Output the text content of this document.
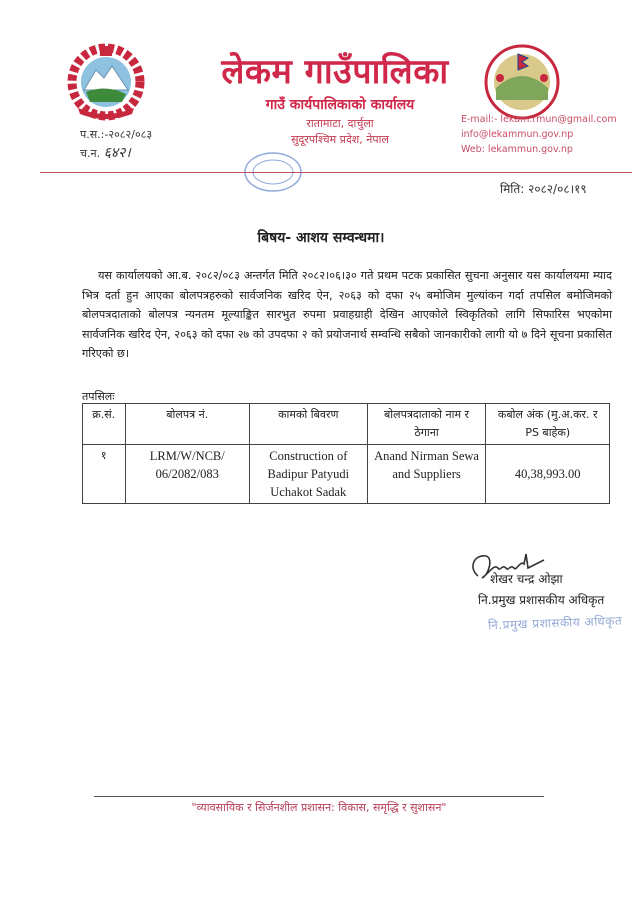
लेकम गाउँपालिका
गाउँ कार्यपालिकाको कार्यालय
रातामाटा, दार्चुला
सुदूरपश्चिम प्रदेश, नेपाल
E-mail:- lekam.rmun@gmail.com
info@lekammun.gov.np
Web: lekammun.gov.np
प.स.:-२०८२/०८३
च.न. ६४२।
मिति: २०८२/०८।१९
बिषय- आशय सम्वन्धमा।
यस कार्यालयको आ.ब. २०८२/०८३ अन्तर्गत मिति २०८२।०६।३० गते प्रथम पटक प्रकासित सुचना अनुसार यस कार्यालयमा म्याद भित्र दर्ता हुन आएका बोलपत्रहरुको सार्वजनिक खरिद ऐन, २०६३ को दफा २५ बमोजिम मुल्यांकन गर्दा तपसिल बमोजिमको बोलपत्रदाताको बोलपत्र न्यनतम मूल्याङ्कित सारभुत रुपमा प्रवाहग्राही देखिन आएकोले स्विकृतिको लागि सिफारिस भएकोमा सार्वजनिक खरिद ऐन, २०६३ को दफा २७ को उपदफा २ को प्रयोजनार्थ सम्वन्धि सबैको जानकारीको लागी यो ७ दिने सूचना प्रकासित गरिएको छ।
तपसिलः
क्र.सं.	बोलपत्र नं.	कामको बिवरण	बोलपत्रदाताको नाम र ठेगाना	कबोल अंक (मु.अ.कर. र PS बाहेक)
१	LRM/W/NCB/ 06/2082/083	Construction of Badipur Patyudi Uchakot Sadak	Anand Nirman Sewa and Suppliers	40,38,993.00
शेखर चन्द्र ओझा
नि.प्रमुख प्रशासकीय अधिकृत
नि.प्रमुख प्रशासकीय अधिकृत
"व्यावसायिक र सिर्जनशील प्रशासन: विकास, समृद्धि र सुशासन"
